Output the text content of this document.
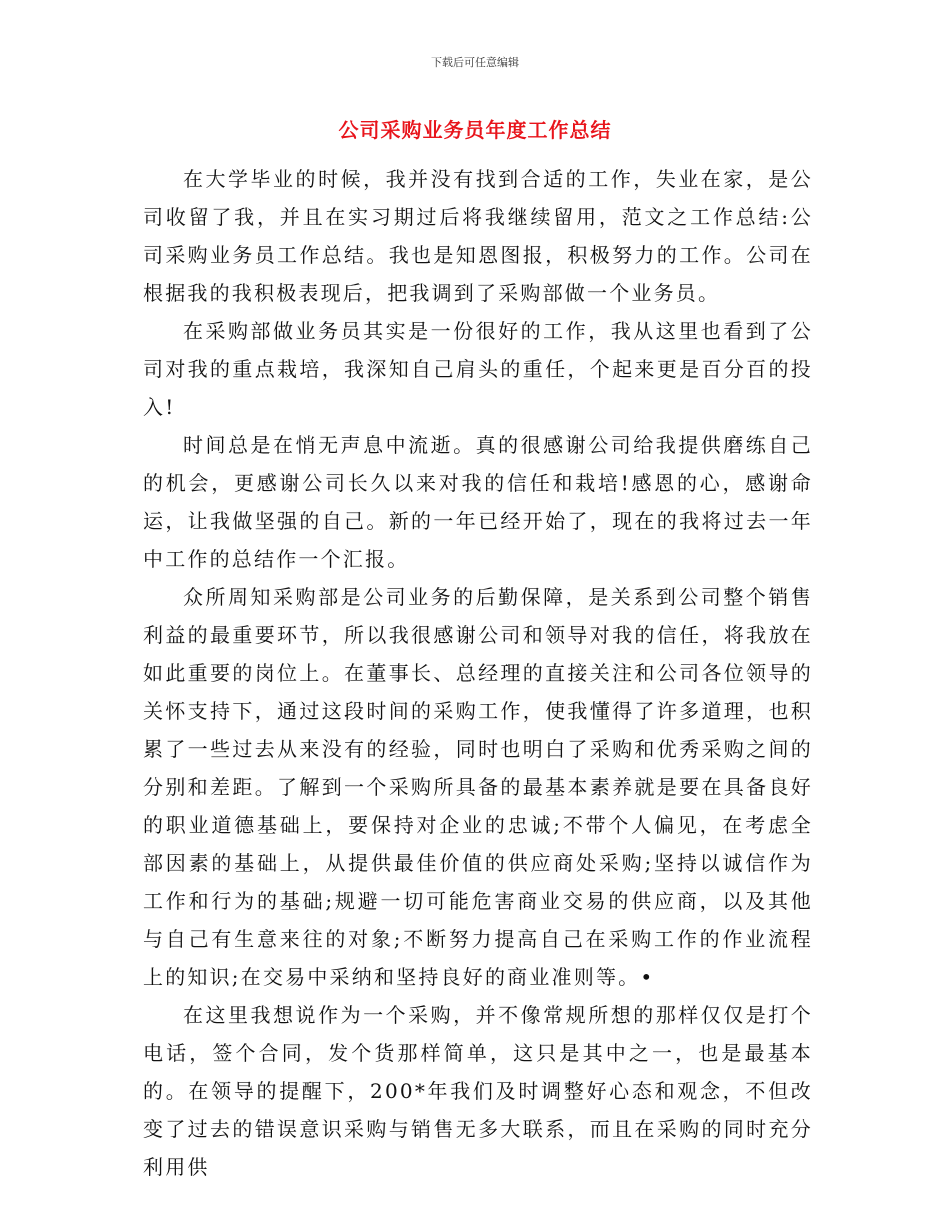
下载后可任意编辑
公司采购业务员年度工作总结

在大学毕业的时候，我并没有找到合适的工作，失业在家，是公司收留了我，并且在实习期过后将我继续留用，范文之工作总结:公司采购业务员工作总结。我也是知恩图报，积极努力的工作。公司在根据我的我积极表现后，把我调到了采购部做一个业务员。

在采购部做业务员其实是一份很好的工作，我从这里也看到了公司对我的重点栽培，我深知自己肩头的重任，个起来更是百分百的投入!

时间总是在悄无声息中流逝。真的很感谢公司给我提供磨练自己的机会，更感谢公司长久以来对我的信任和栽培!感恩的心，感谢命运，让我做坚强的自己。新的一年已经开始了，现在的我将过去一年中工作的总结作一个汇报。

众所周知采购部是公司业务的后勤保障，是关系到公司整个销售利益的最重要环节，所以我很感谢公司和领导对我的信任，将我放在如此重要的岗位上。在董事长、总经理的直接关注和公司各位领导的关怀支持下，通过这段时间的采购工作，使我懂得了许多道理，也积累了一些过去从来没有的经验，同时也明白了采购和优秀采购之间的分别和差距。了解到一个采购所具备的最基本素养就是要在具备良好的职业道德基础上，要保持对企业的忠诚;不带个人偏见，在考虑全部因素的基础上，从提供最佳价值的供应商处采购;坚持以诚信作为工作和行为的基础;规避一切可能危害商业交易的供应商，以及其他与自己有生意来往的对象;不断努力提高自己在采购工作的作业流程上的知识;在交易中采纳和坚持良好的商业准则等。•

在这里我想说作为一个采购，并不像常规所想的那样仅仅是打个电话，签个合同，发个货那样简单，这只是其中之一，也是最基本的。在领导的提醒下，200*年我们及时调整好心态和观念，不但改变了过去的错误意识采购与销售无多大联系，而且在采购的同时充分利用供
